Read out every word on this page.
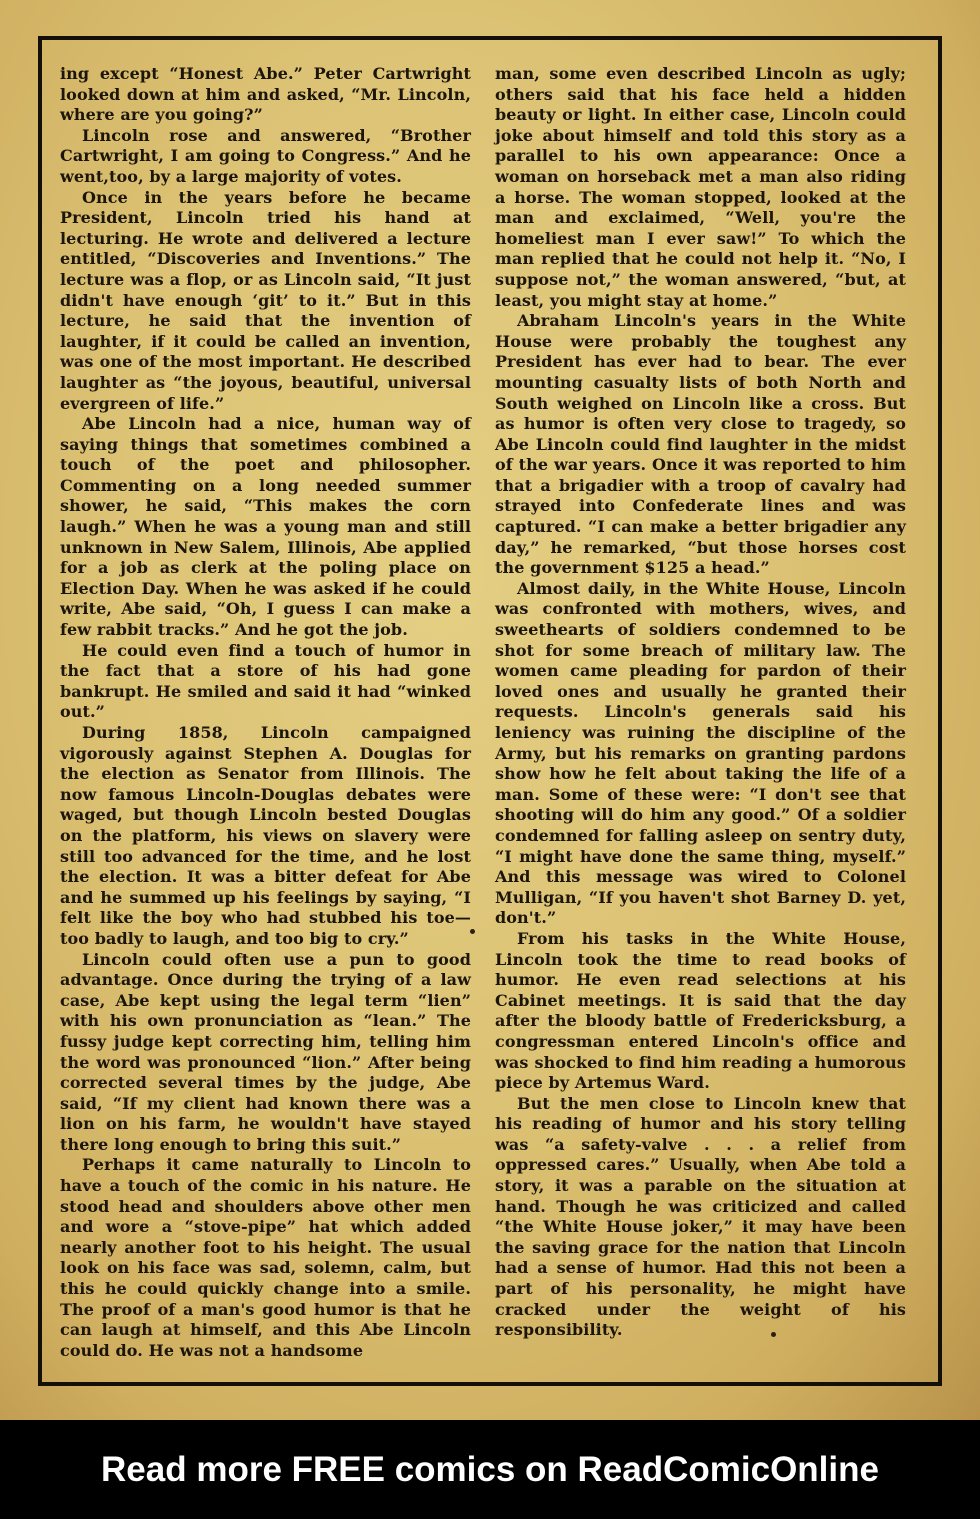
ing except “Honest Abe.” Peter Cartwright looked down at him and asked, “Mr. Lincoln, where are you going?”

Lincoln rose and answered, “Brother Cartwright, I am going to Congress.” And he went,too, by a large majority of votes.

Once in the years before he became President, Lincoln tried his hand at lecturing. He wrote and delivered a lecture entitled, “Discoveries and Inventions.” The lecture was a flop, or as Lincoln said, “It just didn't have enough ‘git’ to it.” But in this lecture, he said that the invention of laughter, if it could be called an invention, was one of the most important. He described laughter as “the joyous, beautiful, universal evergreen of life.”

Abe Lincoln had a nice, human way of saying things that sometimes combined a touch of the poet and philosopher. Commenting on a long needed summer shower, he said, “This makes the corn laugh.” When he was a young man and still unknown in New Salem, Illinois, Abe applied for a job as clerk at the poling place on Election Day. When he was asked if he could write, Abe said, “Oh, I guess I can make a few rabbit tracks.” And he got the job.

He could even find a touch of humor in the fact that a store of his had gone bankrupt. He smiled and said it had “winked out.”

During 1858, Lincoln campaigned vigorously against Stephen A. Douglas for the election as Senator from Illinois. The now famous Lincoln-Douglas debates were waged, but though Lincoln bested Douglas on the platform, his views on slavery were still too advanced for the time, and he lost the election. It was a bitter defeat for Abe and he summed up his feelings by saying, “I felt like the boy who had stubbed his toe—too badly to laugh, and too big to cry.”

Lincoln could often use a pun to good advantage. Once during the trying of a law case, Abe kept using the legal term “lien” with his own pronunciation as “lean.” The fussy judge kept correcting him, telling him the word was pronounced “lion.” After being corrected several times by the judge, Abe said, “If my client had known there was a lion on his farm, he wouldn't have stayed there long enough to bring this suit.”

Perhaps it came naturally to Lincoln to have a touch of the comic in his nature. He stood head and shoulders above other men and wore a “stove-pipe” hat which added nearly another foot to his height. The usual look on his face was sad, solemn, calm, but this he could quickly change into a smile. The proof of a man's good humor is that he can laugh at himself, and this Abe Lincoln could do. He was not a handsome

man, some even described Lincoln as ugly; others said that his face held a hidden beauty or light. In either case, Lincoln could joke about himself and told this story as a parallel to his own appearance: Once a woman on horseback met a man also riding a horse. The woman stopped, looked at the man and exclaimed, “Well, you're the homeliest man I ever saw!” To which the man replied that he could not help it. “No, I suppose not,” the woman answered, “but, at least, you might stay at home.”

Abraham Lincoln's years in the White House were probably the toughest any President has ever had to bear. The ever mounting casualty lists of both North and South weighed on Lincoln like a cross. But as humor is often very close to tragedy, so Abe Lincoln could find laughter in the midst of the war years. Once it was reported to him that a brigadier with a troop of cavalry had strayed into Confederate lines and was captured. “I can make a better brigadier any day,” he remarked, “but those horses cost the government $125 a head.”

Almost daily, in the White House, Lincoln was confronted with mothers, wives, and sweethearts of soldiers condemned to be shot for some breach of military law. The women came pleading for pardon of their loved ones and usually he granted their requests. Lincoln's generals said his leniency was ruining the discipline of the Army, but his remarks on granting pardons show how he felt about taking the life of a man. Some of these were: “I don't see that shooting will do him any good.” Of a soldier condemned for falling asleep on sentry duty, “I might have done the same thing, myself.” And this message was wired to Colonel Mulligan, “If you haven't shot Barney D. yet, don't.”

From his tasks in the White House, Lincoln took the time to read books of humor. He even read selections at his Cabinet meetings. It is said that the day after the bloody battle of Fredericksburg, a congressman entered Lincoln's office and was shocked to find him reading a humorous piece by Artemus Ward.

But the men close to Lincoln knew that his reading of humor and his story telling was “a safety-valve . . . a relief from oppressed cares.” Usually, when Abe told a story, it was a parable on the situation at hand. Though he was criticized and called “the White House joker,” it may have been the saving grace for the nation that Lincoln had a sense of humor. Had this not been a part of his personality, he might have cracked under the weight of his responsibility.

Read more FREE comics on ReadComicOnline
